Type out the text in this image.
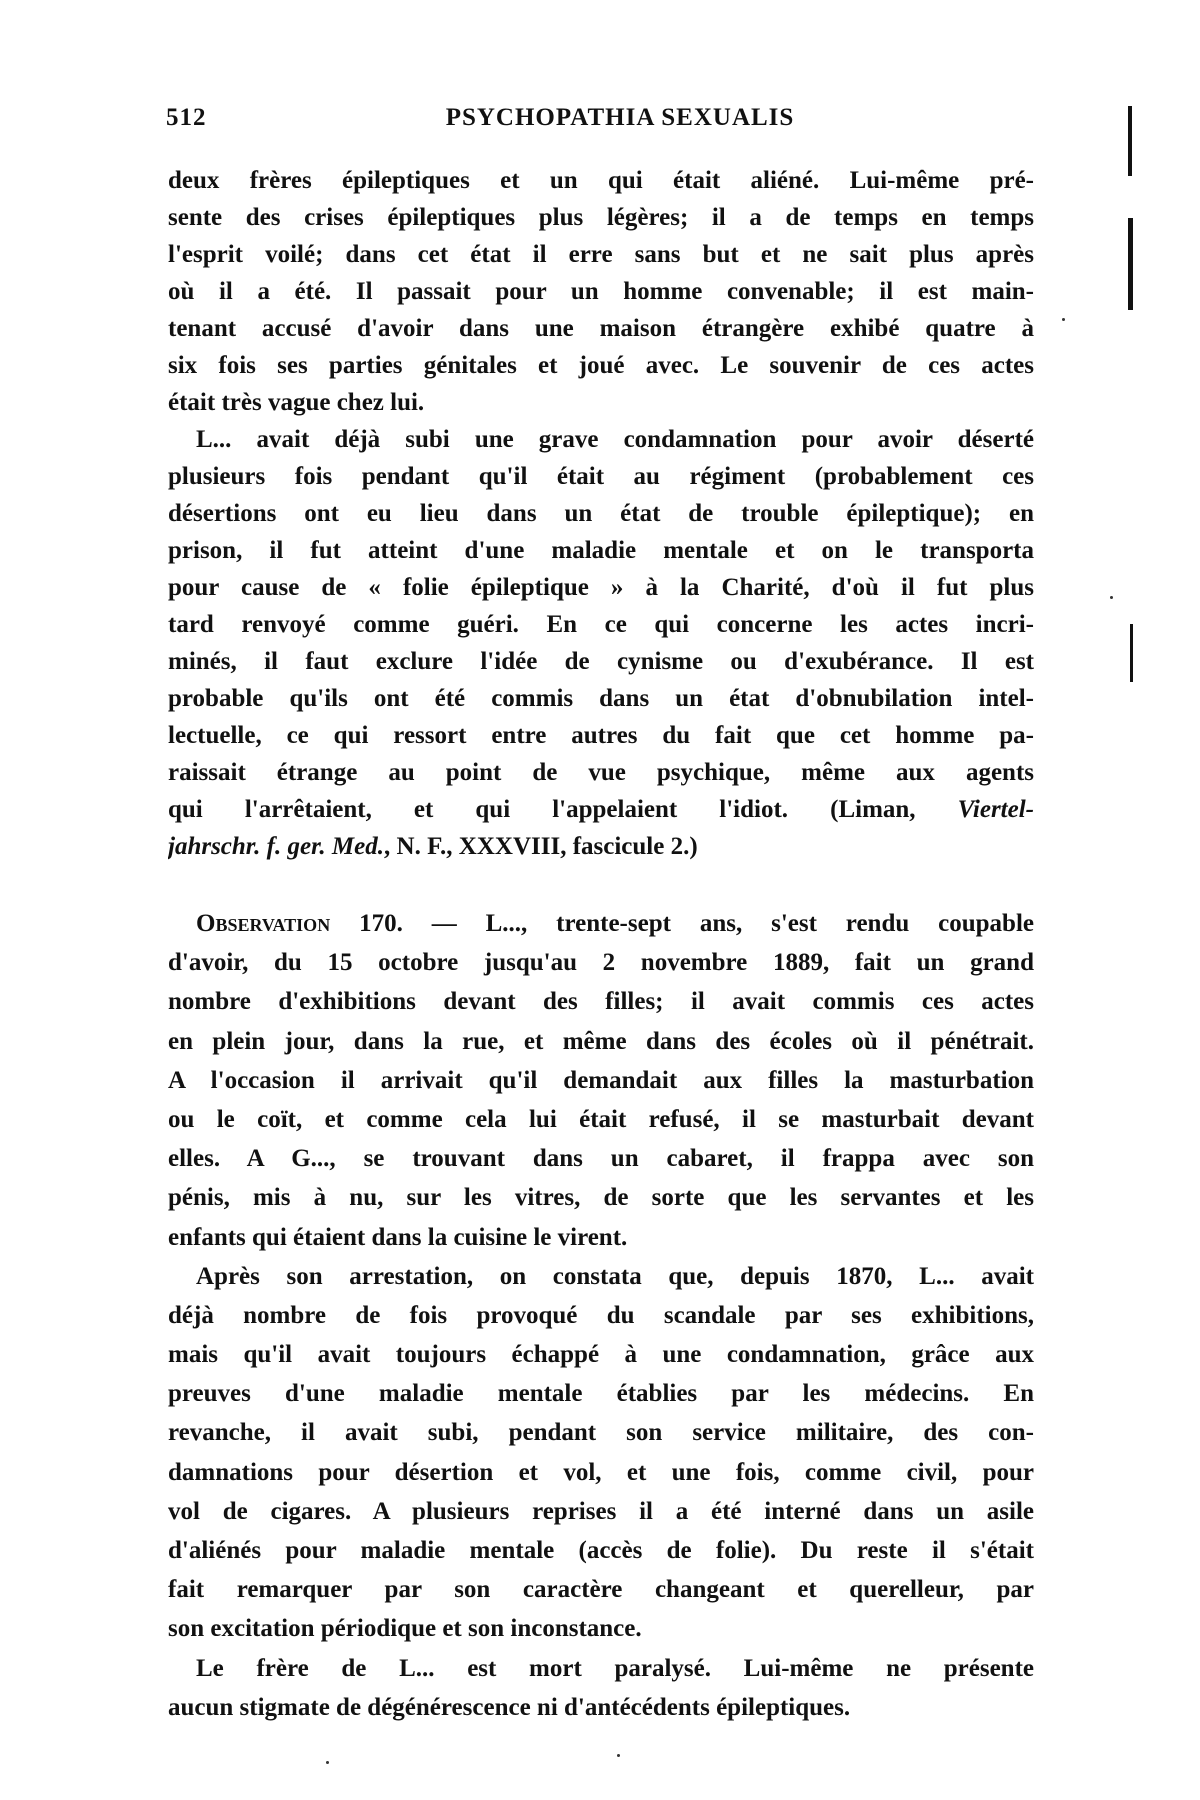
512	PSYCHOPATHIA SEXUALIS
deux frères épileptiques et un qui était aliéné. Lui-même pré-
sente des crises épileptiques plus légères; il a de temps en temps
l'esprit voilé; dans cet état il erre sans but et ne sait plus après
où il a été. Il passait pour un homme convenable; il est main-
tenant accusé d'avoir dans une maison étrangère exhibé quatre à
six fois ses parties génitales et joué avec. Le souvenir de ces actes
était très vague chez lui.
L... avait déjà subi une grave condamnation pour avoir déserté
plusieurs fois pendant qu'il était au régiment (probablement ces
désertions ont eu lieu dans un état de trouble épileptique); en
prison, il fut atteint d'une maladie mentale et on le transporta
pour cause de « folie épileptique » à la Charité, d'où il fut plus
tard renvoyé comme guéri. En ce qui concerne les actes incri-
minés, il faut exclure l'idée de cynisme ou d'exubérance. Il est
probable qu'ils ont été commis dans un état d'obnubilation intel-
lectuelle, ce qui ressort entre autres du fait que cet homme pa-
raissait étrange au point de vue psychique, même aux agents
qui l'arrêtaient, et qui l'appelaient l'idiot. (Liman, Viertel-
jahrschr. f. ger. Med., N. F., XXXVIII, fascicule 2.)
Observation 170. — L..., trente-sept ans, s'est rendu coupable
d'avoir, du 15 octobre jusqu'au 2 novembre 1889, fait un grand
nombre d'exhibitions devant des filles; il avait commis ces actes
en plein jour, dans la rue, et même dans des écoles où il pénétrait.
A l'occasion il arrivait qu'il demandait aux filles la masturbation
ou le coït, et comme cela lui était refusé, il se masturbait devant
elles. A G..., se trouvant dans un cabaret, il frappa avec son
pénis, mis à nu, sur les vitres, de sorte que les servantes et les
enfants qui étaient dans la cuisine le virent.
Après son arrestation, on constata que, depuis 1870, L... avait
déjà nombre de fois provoqué du scandale par ses exhibitions,
mais qu'il avait toujours échappé à une condamnation, grâce aux
preuves d'une maladie mentale établies par les médecins. En
revanche, il avait subi, pendant son service militaire, des con-
damnations pour désertion et vol, et une fois, comme civil, pour
vol de cigares. A plusieurs reprises il a été interné dans un asile
d'aliénés pour maladie mentale (accès de folie). Du reste il s'était
fait remarquer par son caractère changeant et querelleur, par
son excitation périodique et son inconstance.
Le frère de L... est mort paralysé. Lui-même ne présente
aucun stigmate de dégénérescence ni d'antécédents épileptiques.
